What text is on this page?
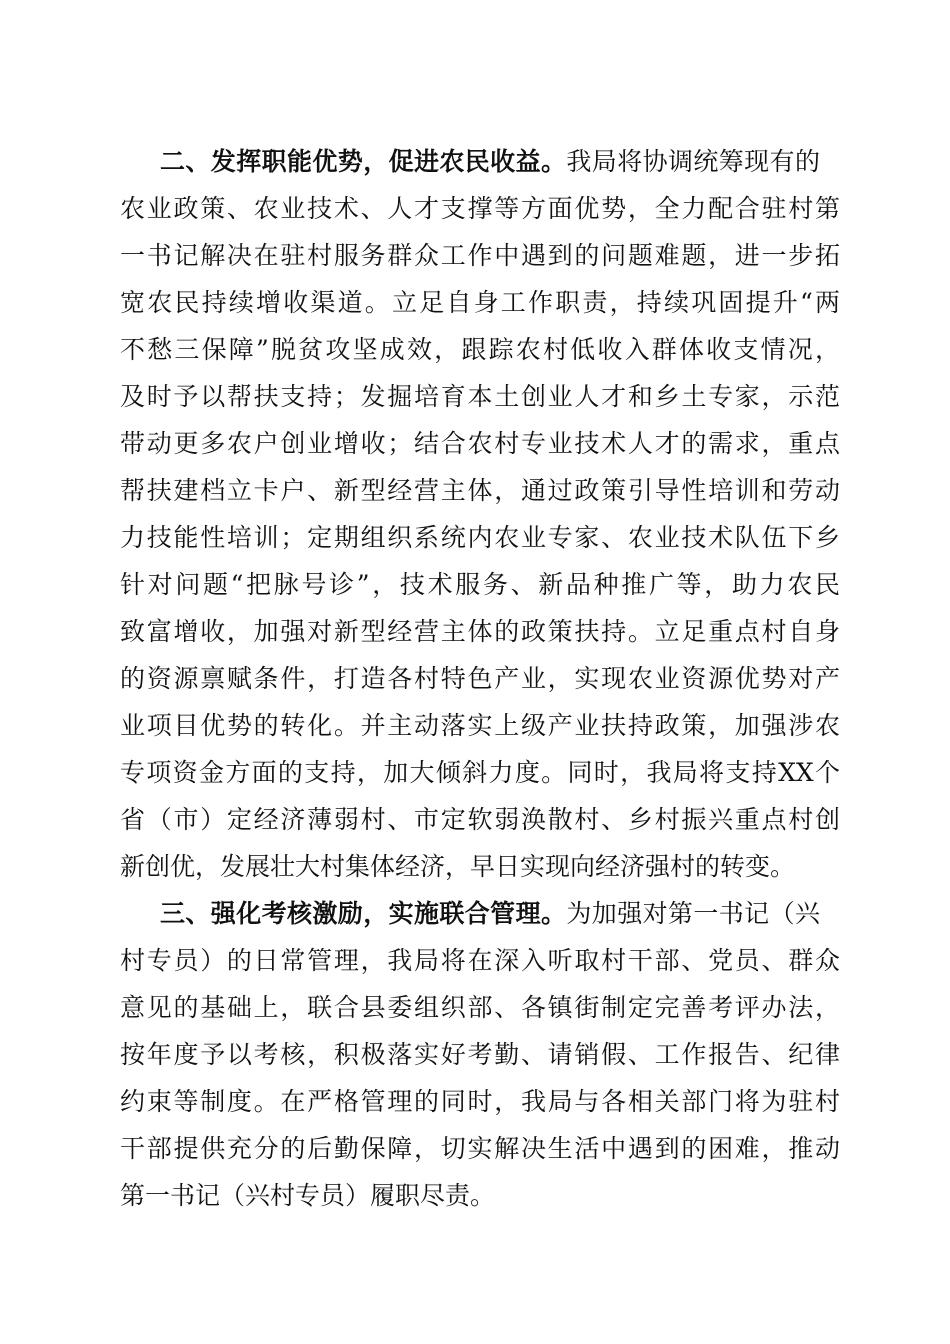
二、发挥职能优势，促进农民收益。我局将协调统筹现有的
农业政策、农业技术、人才支撑等方面优势，全力配合驻村第
一书记解决在驻村服务群众工作中遇到的问题难题，进一步拓
宽农民持续增收渠道。立足自身工作职责，持续巩固提升“两
不愁三保障”脱贫攻坚成效，跟踪农村低收入群体收支情况，
及时予以帮扶支持；发掘培育本土创业人才和乡土专家，示范
带动更多农户创业增收；结合农村专业技术人才的需求，重点
帮扶建档立卡户、新型经营主体，通过政策引导性培训和劳动
力技能性培训；定期组织系统内农业专家、农业技术队伍下乡
针对问题“把脉号诊”，技术服务、新品种推广等，助力农民
致富增收，加强对新型经营主体的政策扶持。立足重点村自身
的资源禀赋条件，打造各村特色产业，实现农业资源优势对产
业项目优势的转化。并主动落实上级产业扶持政策，加强涉农
专项资金方面的支持，加大倾斜力度。同时，我局将支持XX个
省（市）定经济薄弱村、市定软弱涣散村、乡村振兴重点村创
新创优，发展壮大村集体经济，早日实现向经济强村的转变。
三、强化考核激励，实施联合管理。为加强对第一书记（兴
村专员）的日常管理，我局将在深入听取村干部、党员、群众
意见的基础上，联合县委组织部、各镇街制定完善考评办法，
按年度予以考核，积极落实好考勤、请销假、工作报告、纪律
约束等制度。在严格管理的同时，我局与各相关部门将为驻村
干部提供充分的后勤保障，切实解决生活中遇到的困难，推动
第一书记（兴村专员）履职尽责。
